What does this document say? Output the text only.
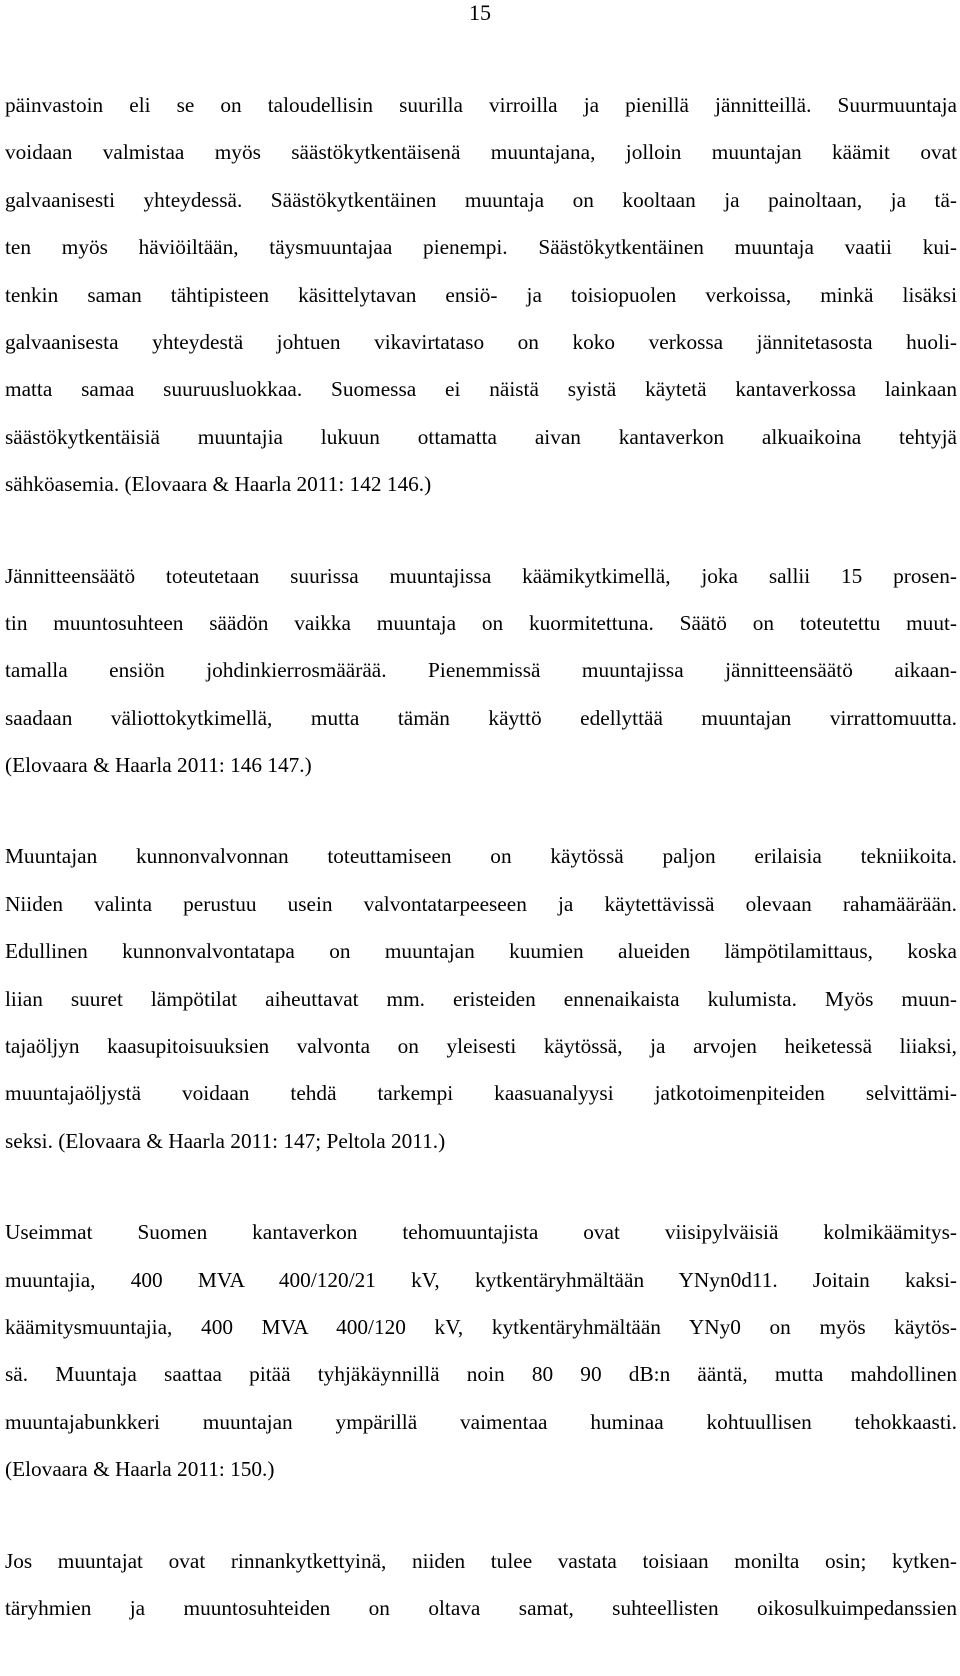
15

päinvastoin eli se on taloudellisin suurilla virroilla ja pienillä jännitteillä. Suurmuuntaja
voidaan valmistaa myös säästökytkentäisenä muuntajana, jolloin muuntajan käämit ovat
galvaanisesti yhteydessä. Säästökytkentäinen muuntaja on kooltaan ja painoltaan, ja tä-
ten myös häviöiltään, täysmuuntajaa pienempi. Säästökytkentäinen muuntaja vaatii kui-
tenkin saman tähtipisteen käsittelytavan ensiö- ja toisiopuolen verkoissa, minkä lisäksi
galvaanisesta yhteydestä johtuen vikavirtataso on koko verkossa jännitetasosta huoli-
matta samaa suuruusluokkaa. Suomessa ei näistä syistä käytetä kantaverkossa lainkaan
säästökytkentäisiä muuntajia lukuun ottamatta aivan kantaverkon alkuaikoina tehtyjä
sähköasemia. (Elovaara & Haarla 2011: 142 146.)

Jännitteensäätö toteutetaan suurissa muuntajissa käämikytkimellä, joka sallii 15 prosen-
tin muuntosuhteen säädön vaikka muuntaja on kuormitettuna. Säätö on toteutettu muut-
tamalla ensiön johdinkierrosmäärää. Pienemmissä muuntajissa jännitteensäätö aikaan-
saadaan väliottokytkimellä, mutta tämän käyttö edellyttää muuntajan virrattomuutta.
(Elovaara & Haarla 2011: 146 147.)

Muuntajan kunnonvalvonnan toteuttamiseen on käytössä paljon erilaisia tekniikoita.
Niiden valinta perustuu usein valvontatarpeeseen ja käytettävissä olevaan rahamäärään.
Edullinen kunnonvalvontatapa on muuntajan kuumien alueiden lämpötilamittaus, koska
liian suuret lämpötilat aiheuttavat mm. eristeiden ennenaikaista kulumista. Myös muun-
tajaöljyn kaasupitoisuuksien valvonta on yleisesti käytössä, ja arvojen heiketessä liiaksi,
muuntajaöljystä voidaan tehdä tarkempi kaasuanalyysi jatkotoimenpiteiden selvittämi-
seksi. (Elovaara & Haarla 2011: 147; Peltola 2011.)

Useimmat Suomen kantaverkon tehomuuntajista ovat viisipylväisiä kolmikäämitys-
muuntajia, 400 MVA 400/120/21 kV, kytkentäryhmältään YNyn0d11. Joitain kaksi-
käämitysmuuntajia, 400 MVA 400/120 kV, kytkentäryhmältään YNy0 on myös käytös-
sä. Muuntaja saattaa pitää tyhjäkäynnillä noin 80 90 dB:n ääntä, mutta mahdollinen
muuntajabunkkeri muuntajan ympärillä vaimentaa huminaa kohtuullisen tehokkaasti.
(Elovaara & Haarla 2011: 150.)

Jos muuntajat ovat rinnankytkettyinä, niiden tulee vastata toisiaan monilta osin; kytken-
täryhmien ja muuntosuhteiden on oltava samat, suhteellisten oikosulkuimpedanssien
